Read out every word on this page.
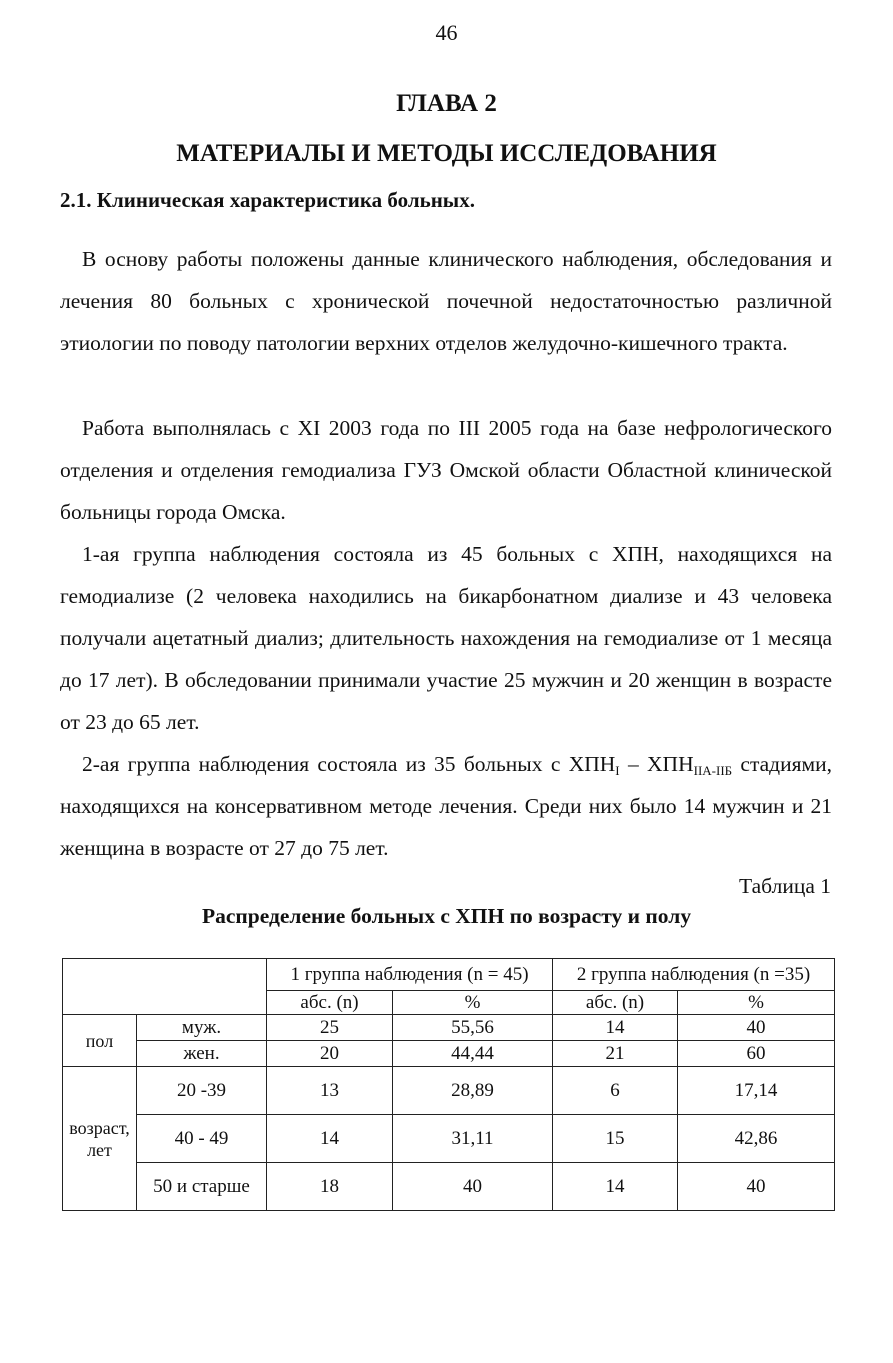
46
ГЛАВА 2
МАТЕРИАЛЫ И МЕТОДЫ ИССЛЕДОВАНИЯ
2.1. Клиническая характеристика больных.

В основу работы положены данные клинического наблюдения, обследования и лечения 80 больных с хронической почечной недостаточностью различной этиологии по поводу патологии верхних отделов желудочно-кишечного тракта.

Работа выполнялась с XI 2003 года по III 2005 года на базе нефрологического отделения и отделения гемодиализа ГУЗ Омской области Областной клинической больницы города Омска.

1-ая группа наблюдения состояла из 45 больных с ХПН, находящихся на гемодиализе (2 человека находились на бикарбонатном диализе и 43 человека получали ацетатный диализ; длительность нахождения на гемодиализе от 1 месяца до 17 лет). В обследовании принимали участие 25 мужчин и 20 женщин в возрасте от 23 до 65 лет.

2-ая группа наблюдения состояла из 35 больных с $ХПН_I - ХПН_{IIА-IIБ}$ стадиями, находящихся на консервативном методе лечения. Среди них было 14 мужчин и 21 женщина в возрасте от 27 до 75 лет.

Таблица 1
Распределение больных с ХПН по возрасту и полу
		1 группа наблюдения (n = 45)		2 группа наблюдения (n =35)	
		абс. (n)	%	абс. (n)	%
пол	муж.	25	55,56	14	40
	жен.	20	44,44	21	60
возраст, лет	20 -39	13	28,89	6	17,14
	40 - 49	14	31,11	15	42,86
	50 и старше	18	40	14	40
